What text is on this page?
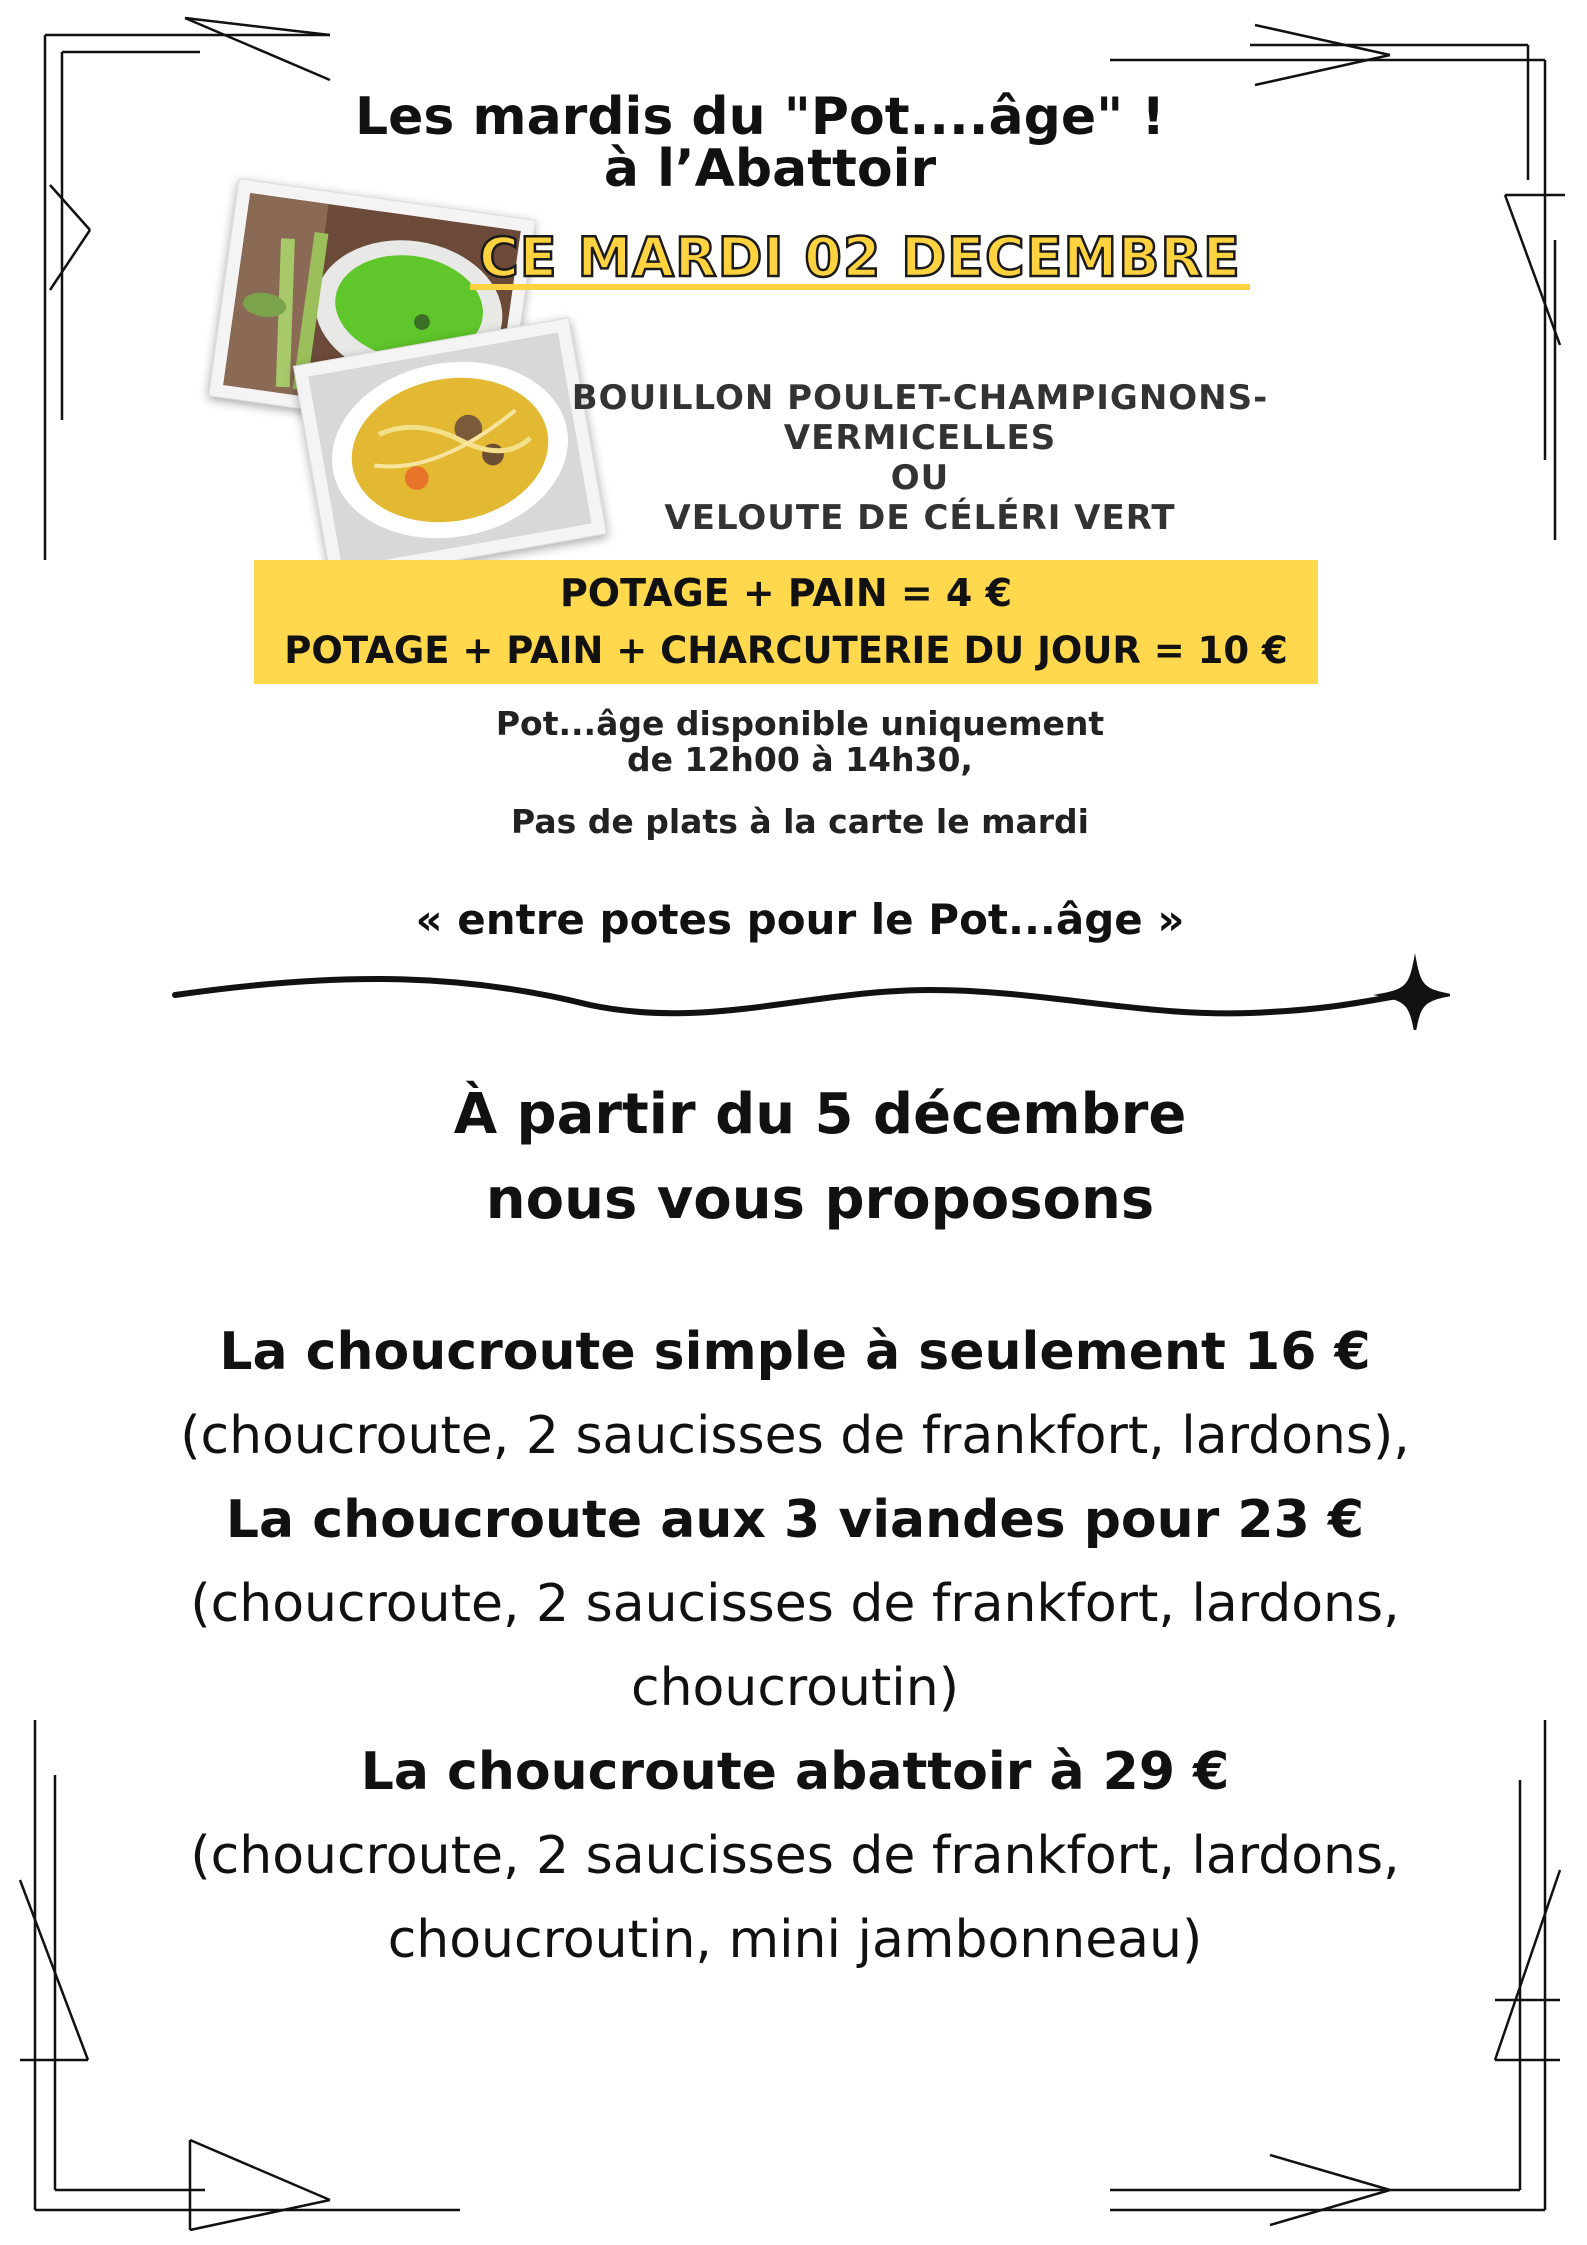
Les mardis du "Pot....âge" !
à l’Abattoir
CE MARDI 02 DECEMBRE
BOUILLON POULET-CHAMPIGNONS-
VERMICELLES
OU
VELOUTE DE CÉLÉRI VERT
POTAGE + PAIN = 4 €
POTAGE + PAIN + CHARCUTERIE DU JOUR = 10 €
Pot...âge disponible uniquement
de 12h00 à 14h30,
Pas de plats à la carte le mardi
« entre potes pour le Pot...âge »
À partir du 5 décembre
nous vous proposons
La choucroute simple à seulement 16 €
(choucroute, 2 saucisses de frankfort, lardons),
La choucroute aux 3 viandes pour 23 €
(choucroute, 2 saucisses de frankfort, lardons,
choucroutin)
La choucroute abattoir à 29 €
(choucroute, 2 saucisses de frankfort, lardons,
choucroutin, mini jambonneau)
